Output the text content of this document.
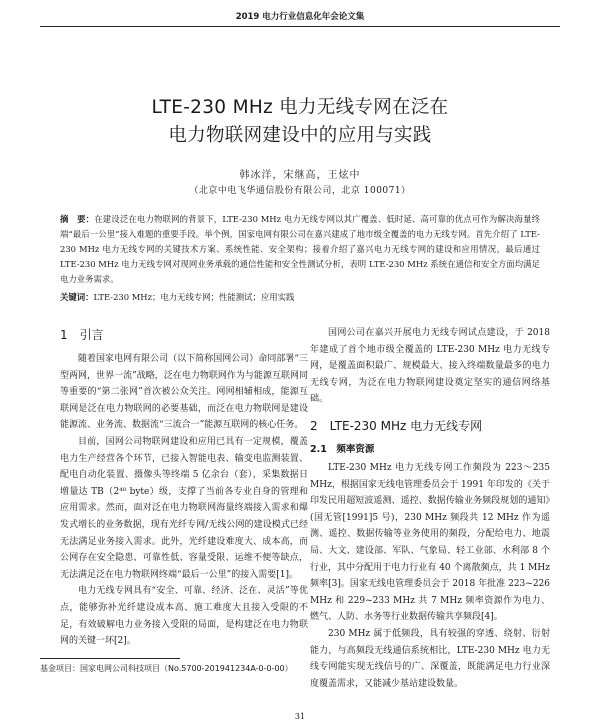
2019 电力行业信息化年会论文集
LTE-230 MHz 电力无线专网在泛在
电力物联网建设中的应用与实践
韩冰洋，宋继高，王炫中
（北京中电飞华通信股份有限公司，北京 100071）
摘　要：在建设泛在电力物联网的背景下，LTE-230 MHz 电力无线专网以其广覆盖、低时延、高可靠的优点可作为解决海量终端“最后一公里”接入难题的重要手段。举个例，国家电网有限公司在嘉兴建成了地市级全覆盖的电力无线专网。首先介绍了 LTE-230 MHz 电力无线专网的关键技术方案、系统性能、安全架构；接着介绍了嘉兴电力无线专网的建设和应用情况，最后通过 LTE-230 MHz 电力无线专网对现网业务承载的通信性能和安全性测试分析，表明 LTE-230 MHz 系统在通信和安全方面均满足电力业务需求。
关键词：LTE-230 MHz；电力无线专网；性能测试；应用实践
1　引言

随着国家电网有限公司（以下简称国网公司）命同部署“三型两网，世界一流”战略，泛在电力物联网作为与能源互联网同等重要的“第二张网”首次被公众关注。网网相辅相成，能源互联网是泛在电力物联网的必要基础，而泛在电力物联网是建设能源流、业务流、数据流“三流合一”能源互联网的核心任务。

目前，国网公司物联网建设和应用已具有一定规模，覆盖电力生产经营各个环节，已接入智能电表、输变电监测装置、配电自动化装置、摄像头等终端 5 亿余台（套），采集数据日增量达 TB（2⁴⁰ byte）级，支撑了当前各专业自身的管理和应用需求。然而，面对泛在电力物联网海量终端接入需求和爆发式增长的业务数据，现有光纤专网/无线公网的建设模式已经无法满足业务接入需求。此外，光纤建设难度大、成本高，而公网存在安全隐患、可靠性低、容量受限、运维不便等缺点，无法满足泛在电力物联网终端“最后一公里”的接入需要[1]。

电力无线专网具有“安全、可靠、经济、泛在、灵活”等优点，能够弥补光纤建设成本高、施工难度大且接入受限的不足，有效破解电力业务接入受限的局面，是构建泛在电力物联网的关键一环[2]。

国网公司在嘉兴开展电力无线专网试点建设，于 2018 年建成了首个地市级全覆盖的 LTE-230 MHz 电力无线专网，是覆盖面积最广、规模最大、接入终端数量最多的电力无线专网，为泛在电力物联网建设奠定坚实的通信网络基础。

2　LTE-230 MHz 电力无线专网
2.1　频率资源

LTE-230 MHz 电力无线专网工作频段为 223～235 MHz，根据国家无线电管理委员会于 1991 年印发的《关于印发民用超短波遥测、遥控、数据传输业务频段规划的通知》(国无管[1991]5 号)，230 MHz 频段共 12 MHz 作为遥测、遥控、数据传输等业务使用的频段，分配给电力、地震局、大文、建设部、军队、气象局、轻工业部、水利部 8 个行业，其中分配用于电力行业有 40 个离散频点，共 1 MHz 频率[3]。国家无线电管理委员会于 2018 年批准 223~226 MHz 和 229~233 MHz 共 7 MHz 频率资源作为电力、燃气、人防、水务等行业数据传输共享频段[4]。

230 MHz 属于低频段，具有较强的穿透、绕射、衍射能力，与高频段无线通信系统相比，LTE-230 MHz 电力无线专网能实现无线信号的广、深覆盖，既能满足电力行业深度覆盖需求，又能减少基站建设数量。

基金项目：国家电网公司科技项目（No.5700-201941234A-0-0-00）
31
